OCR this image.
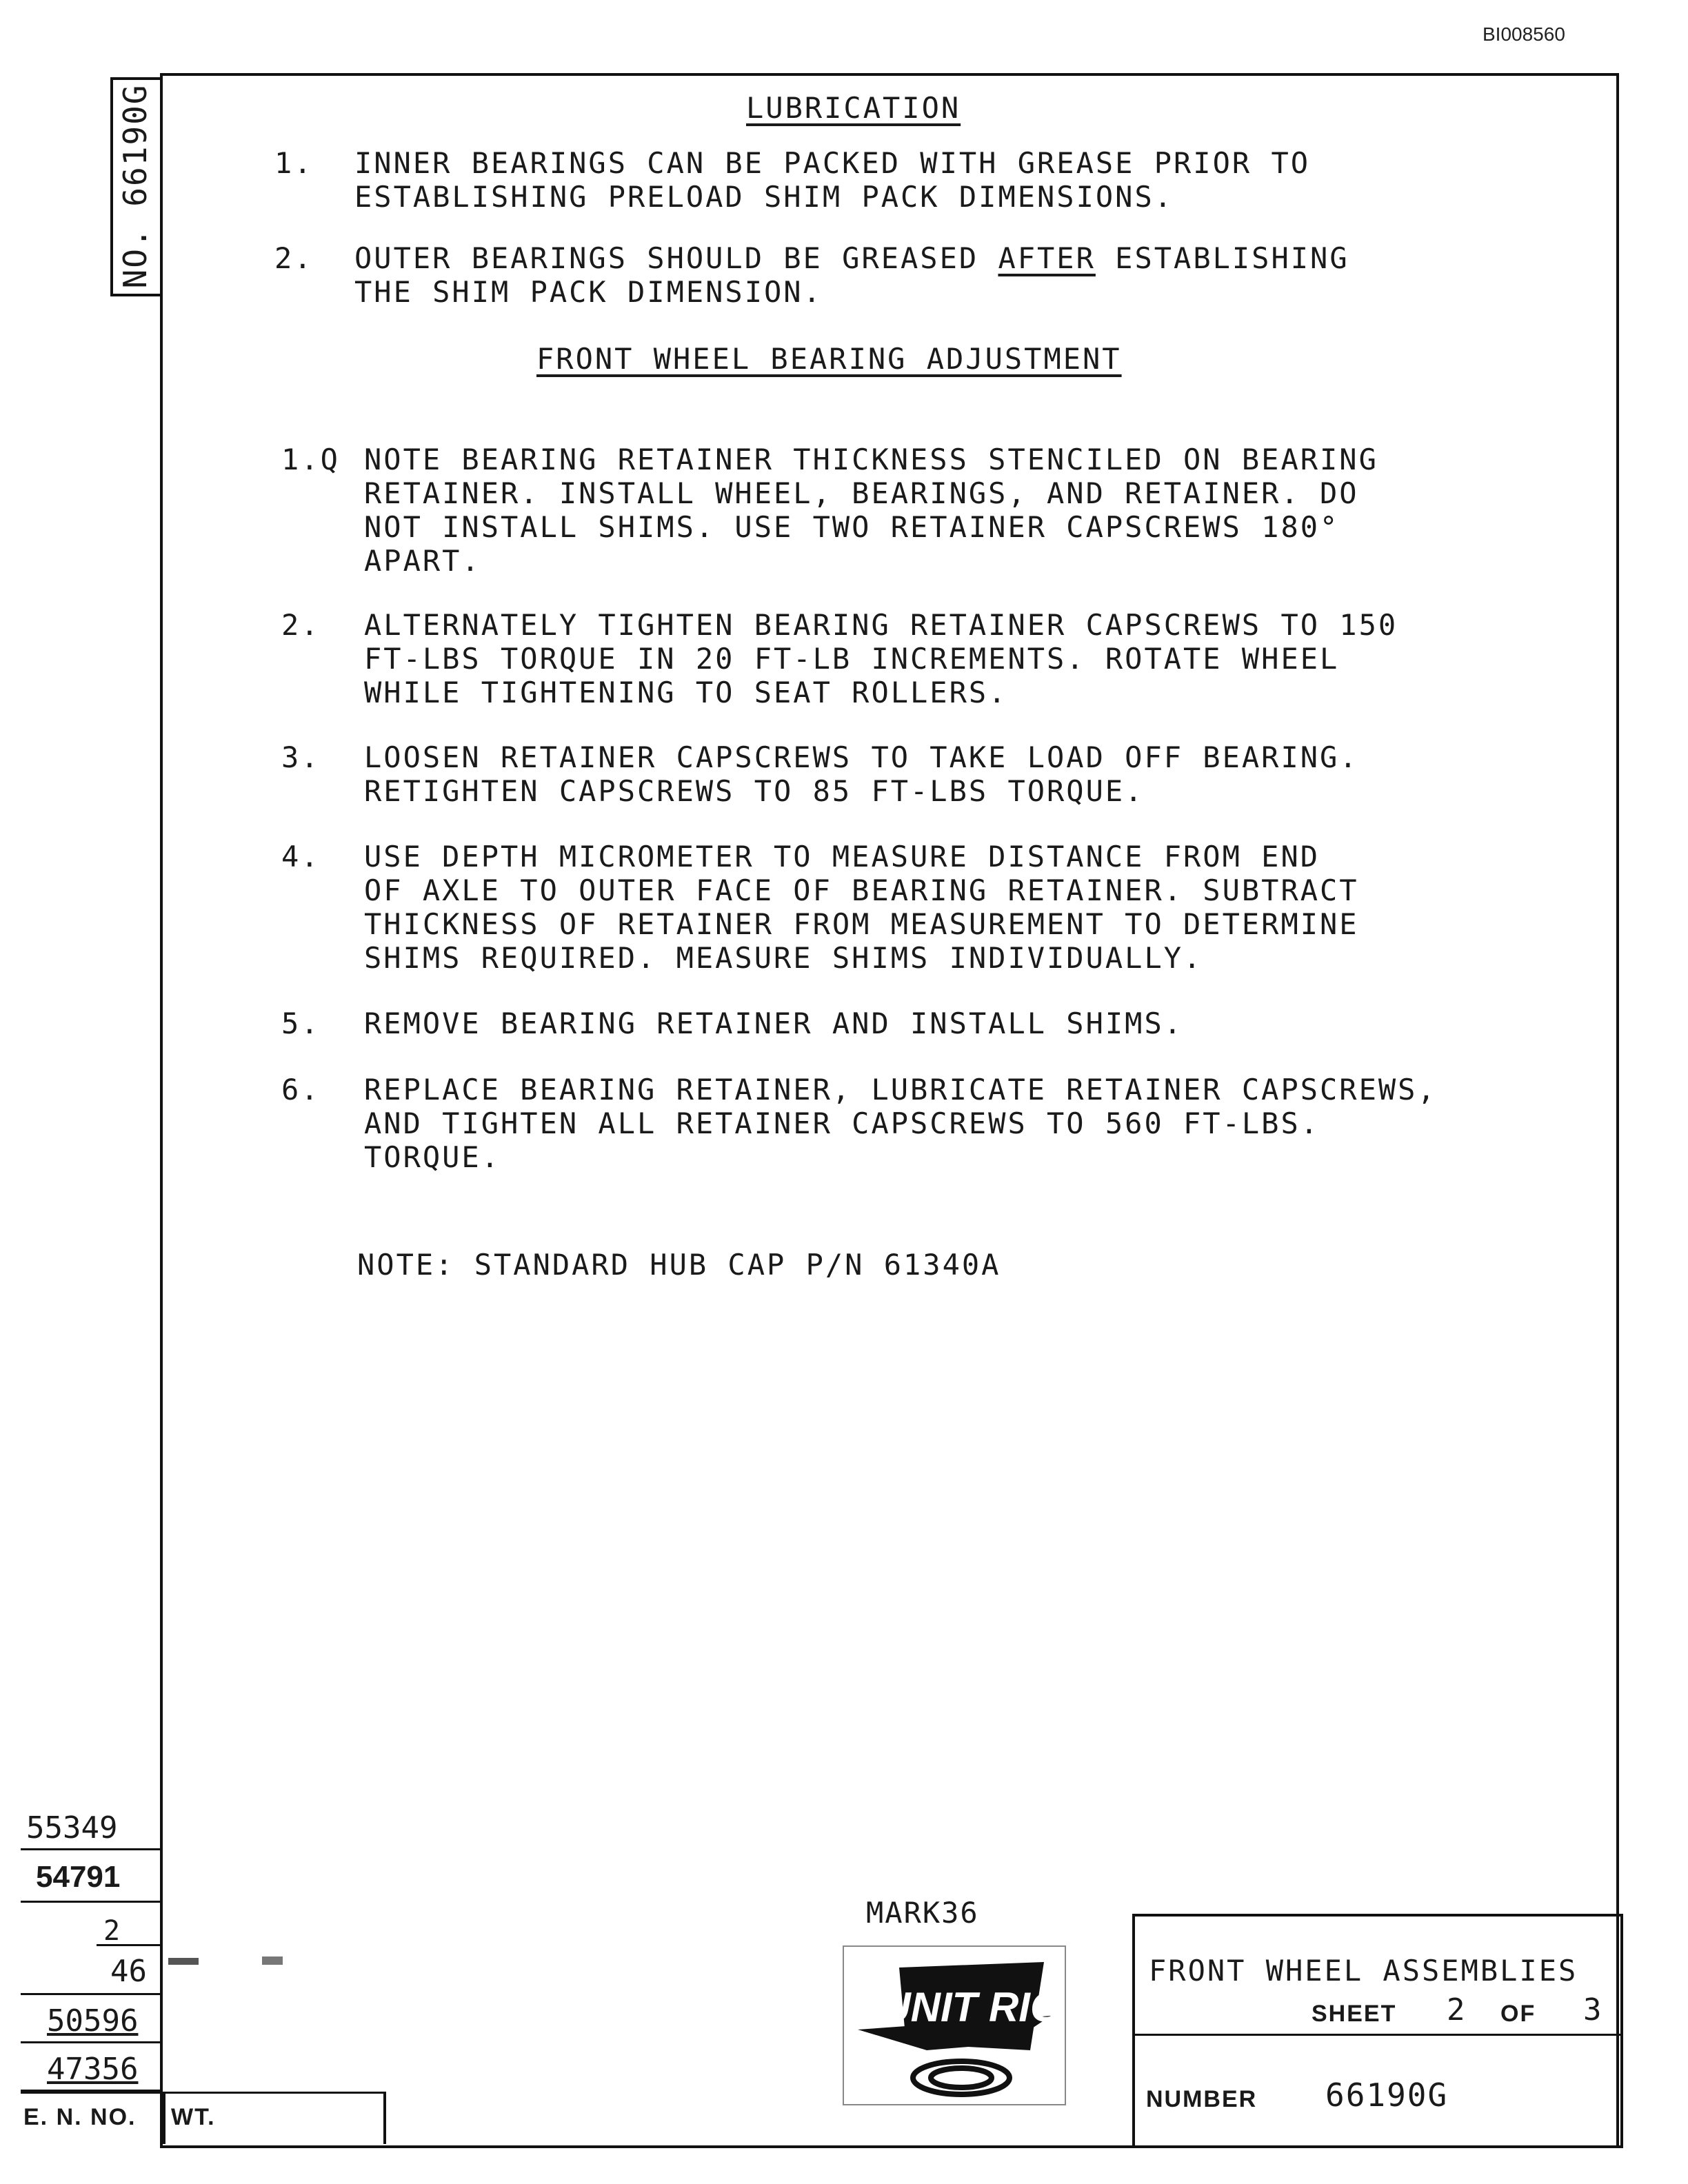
BI008560
NO. 66190G	LUBRICATION
1. INNER BEARINGS CAN BE PACKED WITH GREASE PRIOR TO
ESTABLISHING PRELOAD SHIM PACK DIMENSIONS.
2. OUTER BEARINGS SHOULD BE GREASED AFTER ESTABLISHING
THE SHIM PACK DIMENSION.
FRONT WHEEL BEARING ADJUSTMENT
1.Q NOTE BEARING RETAINER THICKNESS STENCILED ON BEARING
RETAINER. INSTALL WHEEL, BEARINGS, AND RETAINER. DO
NOT INSTALL SHIMS. USE TWO RETAINER CAPSCREWS 180°
APART.
2. ALTERNATELY TIGHTEN BEARING RETAINER CAPSCREWS TO 150
FT-LBS TORQUE IN 20 FT-LB INCREMENTS. ROTATE WHEEL
WHILE TIGHTENING TO SEAT ROLLERS.
3. LOOSEN RETAINER CAPSCREWS TO TAKE LOAD OFF BEARING.
RETIGHTEN CAPSCREWS TO 85 FT-LBS TORQUE.
4. USE DEPTH MICROMETER TO MEASURE DISTANCE FROM END
OF AXLE TO OUTER FACE OF BEARING RETAINER. SUBTRACT
THICKNESS OF RETAINER FROM MEASUREMENT TO DETERMINE
SHIMS REQUIRED. MEASURE SHIMS INDIVIDUALLY.
5. REMOVE BEARING RETAINER AND INSTALL SHIMS.
6. REPLACE BEARING RETAINER, LUBRICATE RETAINER CAPSCREWS,
AND TIGHTEN ALL RETAINER CAPSCREWS TO 560 FT-LBS.
TORQUE.
NOTE: STANDARD HUB CAP P/N 61340A
55349
54791
2
46
50596
47356
E. N. NO. WT.
MARK36
UNIT RIG
FRONT WHEEL ASSEMBLIES
SHEET 2 OF 3
NUMBER 66190G
